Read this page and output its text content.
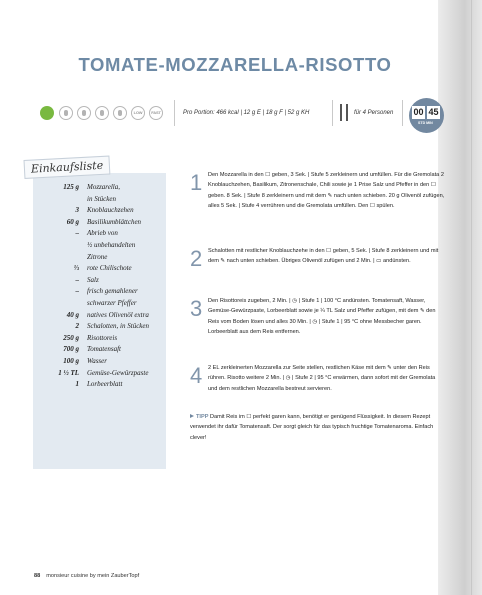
TOMATE-MOZZARELLA-RISOTTO
LOW	FAST	Pro Portion: 466 kcal | 12 g E | 18 g F | 52 g KH	für 4 Personen 00 45
STD MIN
Einkaufsliste
125 g Mozzarella,
in Stücken
3 Knoblauchzehen
60 g Basilikumblättchen
– Abrieb von
½ unbehandelten
Zitrone
⅓ rote Chilischote
– Salz
– frisch gemahlener
schwarzer Pfeffer
40 g natives Olivenöl extra
2 Schalotten, in Stücken
250 g Risottoreis
700 g Tomatensaft
100 g Wasser
1 ½ TL Gemüse-Gewürzpaste
1 Lorbeerblatt
1 Den Mozzarella in den ☐ geben, 3 Sek. | Stufe 5 zerkleinern und umfüllen. Für die Gremolata 2 Knoblauchzehen, Basilikum, Zitronenschale, Chili sowie je 1 Prise Salz und Pfeffer in den ☐ geben. 8 Sek. | Stufe 8 zerkleinern und mit dem ✎ nach unten schieben. 20 g Olivenöl zufügen, alles 5 Sek. | Stufe 4 verrühren und die Gremolata umfüllen. Den ☐ spülen.
2 Schalotten mit restlicher Knoblauchzehe in den ☐ geben, 5 Sek. | Stufe 8 zerkleinern und mit dem ✎ nach unten schieben. Übriges Olivenöl zufügen und 2 Min. | ▭ andünsten.
3 Den Risottoreis zugeben, 2 Min. | ◷ | Stufe 1 | 100 °C andünsten. Tomatensaft, Wasser, Gemüse-Gewürzpaste, Lorbeerblatt sowie je ¼ TL Salz und Pfeffer zufügen, mit dem ✎ den Reis vom Boden lösen und alles 30 Min. | ◷ | Stufe 1 | 95 °C ohne Messbecher garen. Lorbeerblatt aus dem Reis entfernen.
4 2 EL zerkleinerten Mozzarella zur Seite stellen, restlichen Käse mit dem ✎ unter den Reis rühren. Risotto weitere 2 Min. | ◷ | Stufe 2 | 95 °C erwärmen, dann sofort mit der Gremolata und dem restlichen Mozzarella bestreut servieren.
TIPP Damit Reis im ☐ perfekt garen kann, benötigt er genügend Flüssigkeit. In diesem Rezept verwendet ihr dafür Tomatensaft. Der sorgt gleich für das typisch fruchtige Tomatenaroma. Einfach clever!
88 monsieur cuisine by mein ZauberTopf
